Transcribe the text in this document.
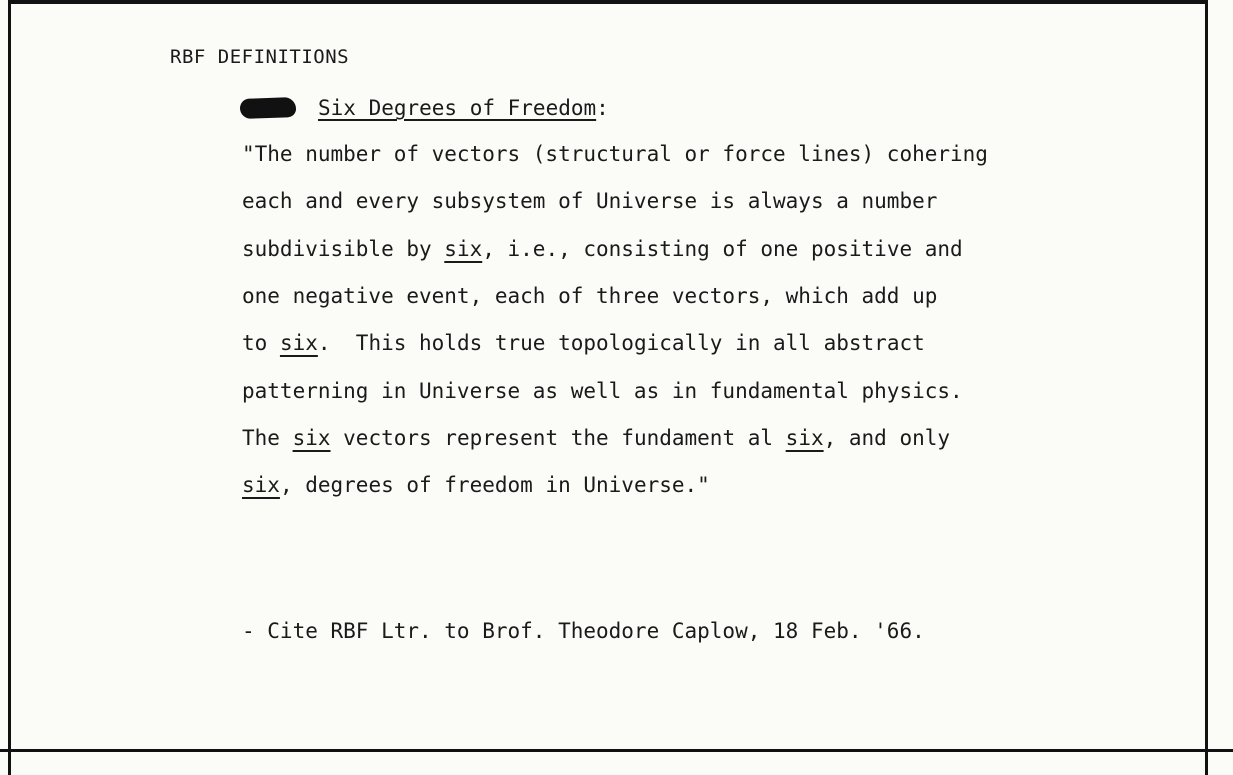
RBF DEFINITIONS
Six Degrees of Freedom:
"The number of vectors (structural or force lines) cohering
each and every subsystem of Universe is always a number
subdivisible by six, i.e., consisting of one positive and
one negative event, each of three vectors, which add up
to six.  This holds true topologically in all abstract
patterning in Universe as well as in fundamental physics.
The six vectors represent the fundament al six, and only
six, degrees of freedom in Universe."
- Cite RBF Ltr. to Brof. Theodore Caplow, 18 Feb. '66.
